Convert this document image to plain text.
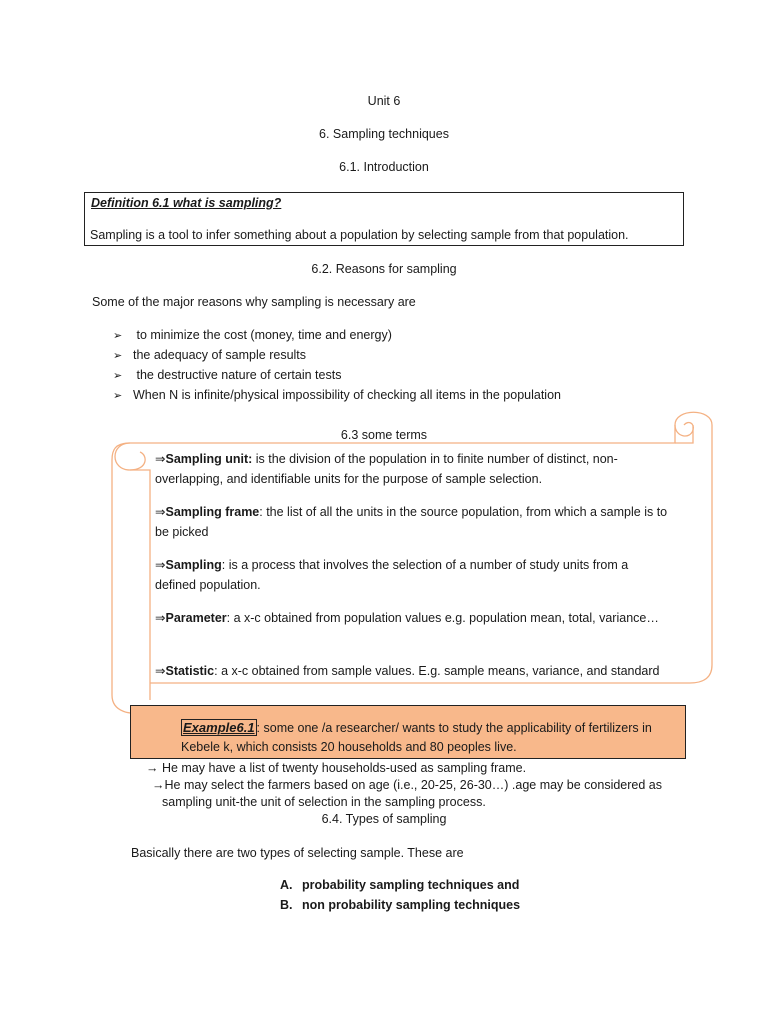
Unit 6
6. Sampling techniques
6.1. Introduction
Definition 6.1 what is sampling?
Sampling is a tool to infer something about a population by selecting sample from that population.
6.2. Reasons for sampling
Some of the major reasons why sampling is necessary are
➢ to minimize the cost (money, time and energy)
➢ the adequacy of sample results
➢ the destructive nature of certain tests
➢ When N is infinite/physical impossibility of checking all items in the population
6.3 some terms
⇒Sampling unit: is the division of the population in to finite number of distinct, non-overlapping, and identifiable units for the purpose of sample selection.
⇒Sampling frame: the list of all the units in the source population, from which a sample is to be picked
⇒Sampling: is a process that involves the selection of a number of study units from a defined population.
⇒Parameter: a x-c obtained from population values e.g. population mean, total, variance…
⇒Statistic: a x-c obtained from sample values. E.g. sample means, variance, and standard
Example6.1 : some one /a researcher/ wants to study the applicability of fertilizers in Kebele k, which consists 20 households and 80 peoples live.
→ He may have a list of twenty households-used as sampling frame.
→He may select the farmers based on age (i.e., 20-25, 26-30…) .age may be considered as
sampling unit-the unit of selection in the sampling process.
6.4. Types of sampling
Basically there are two types of selecting sample. These are
A. probability sampling techniques and
B. non probability sampling techniques
